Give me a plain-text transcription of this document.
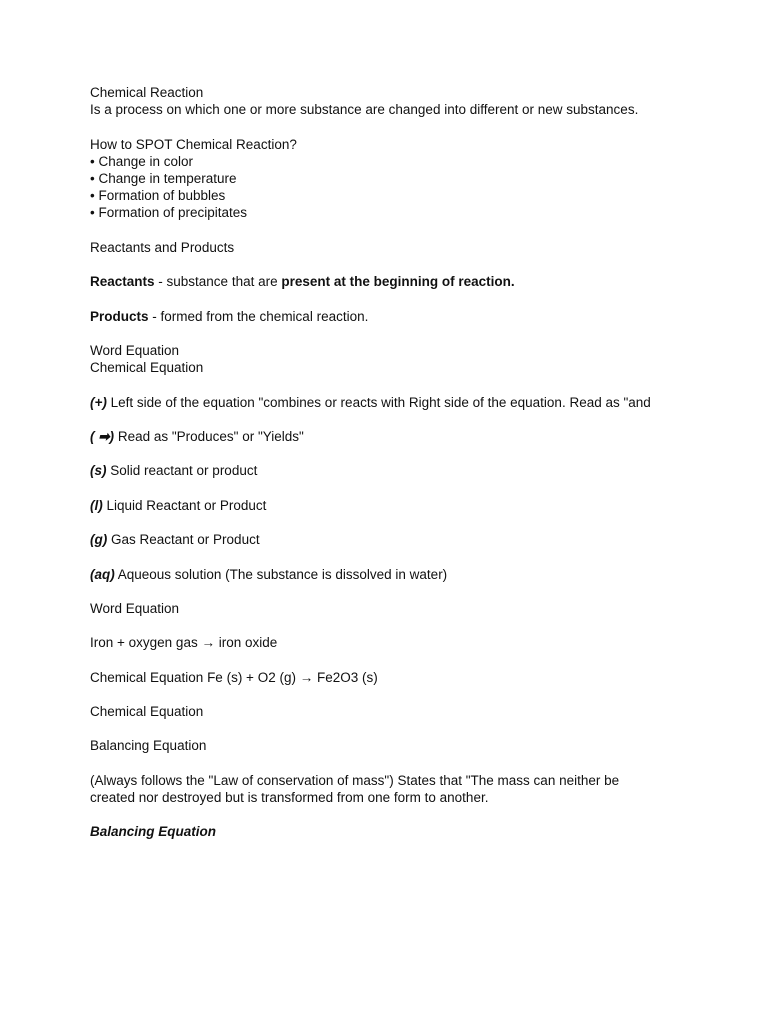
Chemical Reaction
Is a process on which one or more substance are changed into different or new substances.
How to SPOT Chemical Reaction?
• Change in color
• Change in temperature
• Formation of bubbles
• Formation of precipitates
Reactants and Products
Reactants - substance that are present at the beginning of reaction.
Products - formed from the chemical reaction.
Word Equation
Chemical Equation
(+) Left side of the equation "combines or reacts with Right side of the equation. Read as "and
( ➡) Read as "Produces" or "Yields"
(s) Solid reactant or product
(l) Liquid Reactant or Product
(g) Gas Reactant or Product
(aq) Aqueous solution (The substance is dissolved in water)
Word Equation
Iron + oxygen gas → iron oxide
Chemical Equation Fe (s) + O2 (g) → Fe2O3 (s)
Chemical Equation
Balancing Equation
(Always follows the "Law of conservation of mass") States that "The mass can neither be created nor destroyed but is transformed from one form to another.
Balancing Equation
